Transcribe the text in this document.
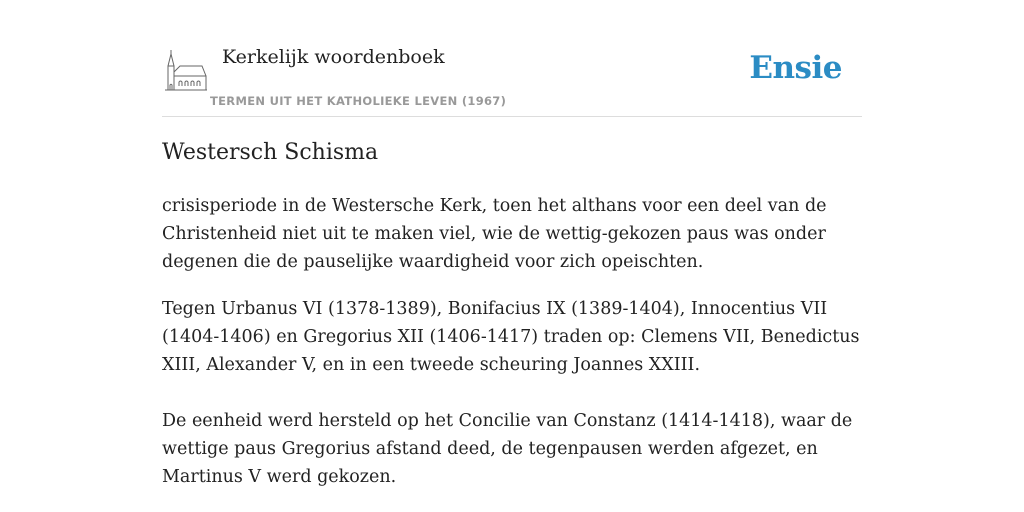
Kerkelijk woordenboek
TERMEN UIT HET KATHOLIEKE LEVEN (1967)
Ensie
Westersch Schisma

crisisperiode in de Westersche Kerk, toen het althans voor een deel van de Christenheid niet uit te maken viel, wie de wettig-gekozen paus was onder degenen die de pauselijke waardigheid voor zich opeischten.

Tegen Urbanus VI (1378-1389), Bonifacius IX (1389-1404), Innocentius VII (1404-1406) en Gregorius XII (1406-1417) traden op: Clemens VII, Benedictus XIII, Alexander V, en in een tweede scheuring Joannes XXIII.

De eenheid werd hersteld op het Concilie van Constanz (1414-1418), waar de wettige paus Gregorius afstand deed, de tegenpausen werden afgezet, en Martinus V werd gekozen.
